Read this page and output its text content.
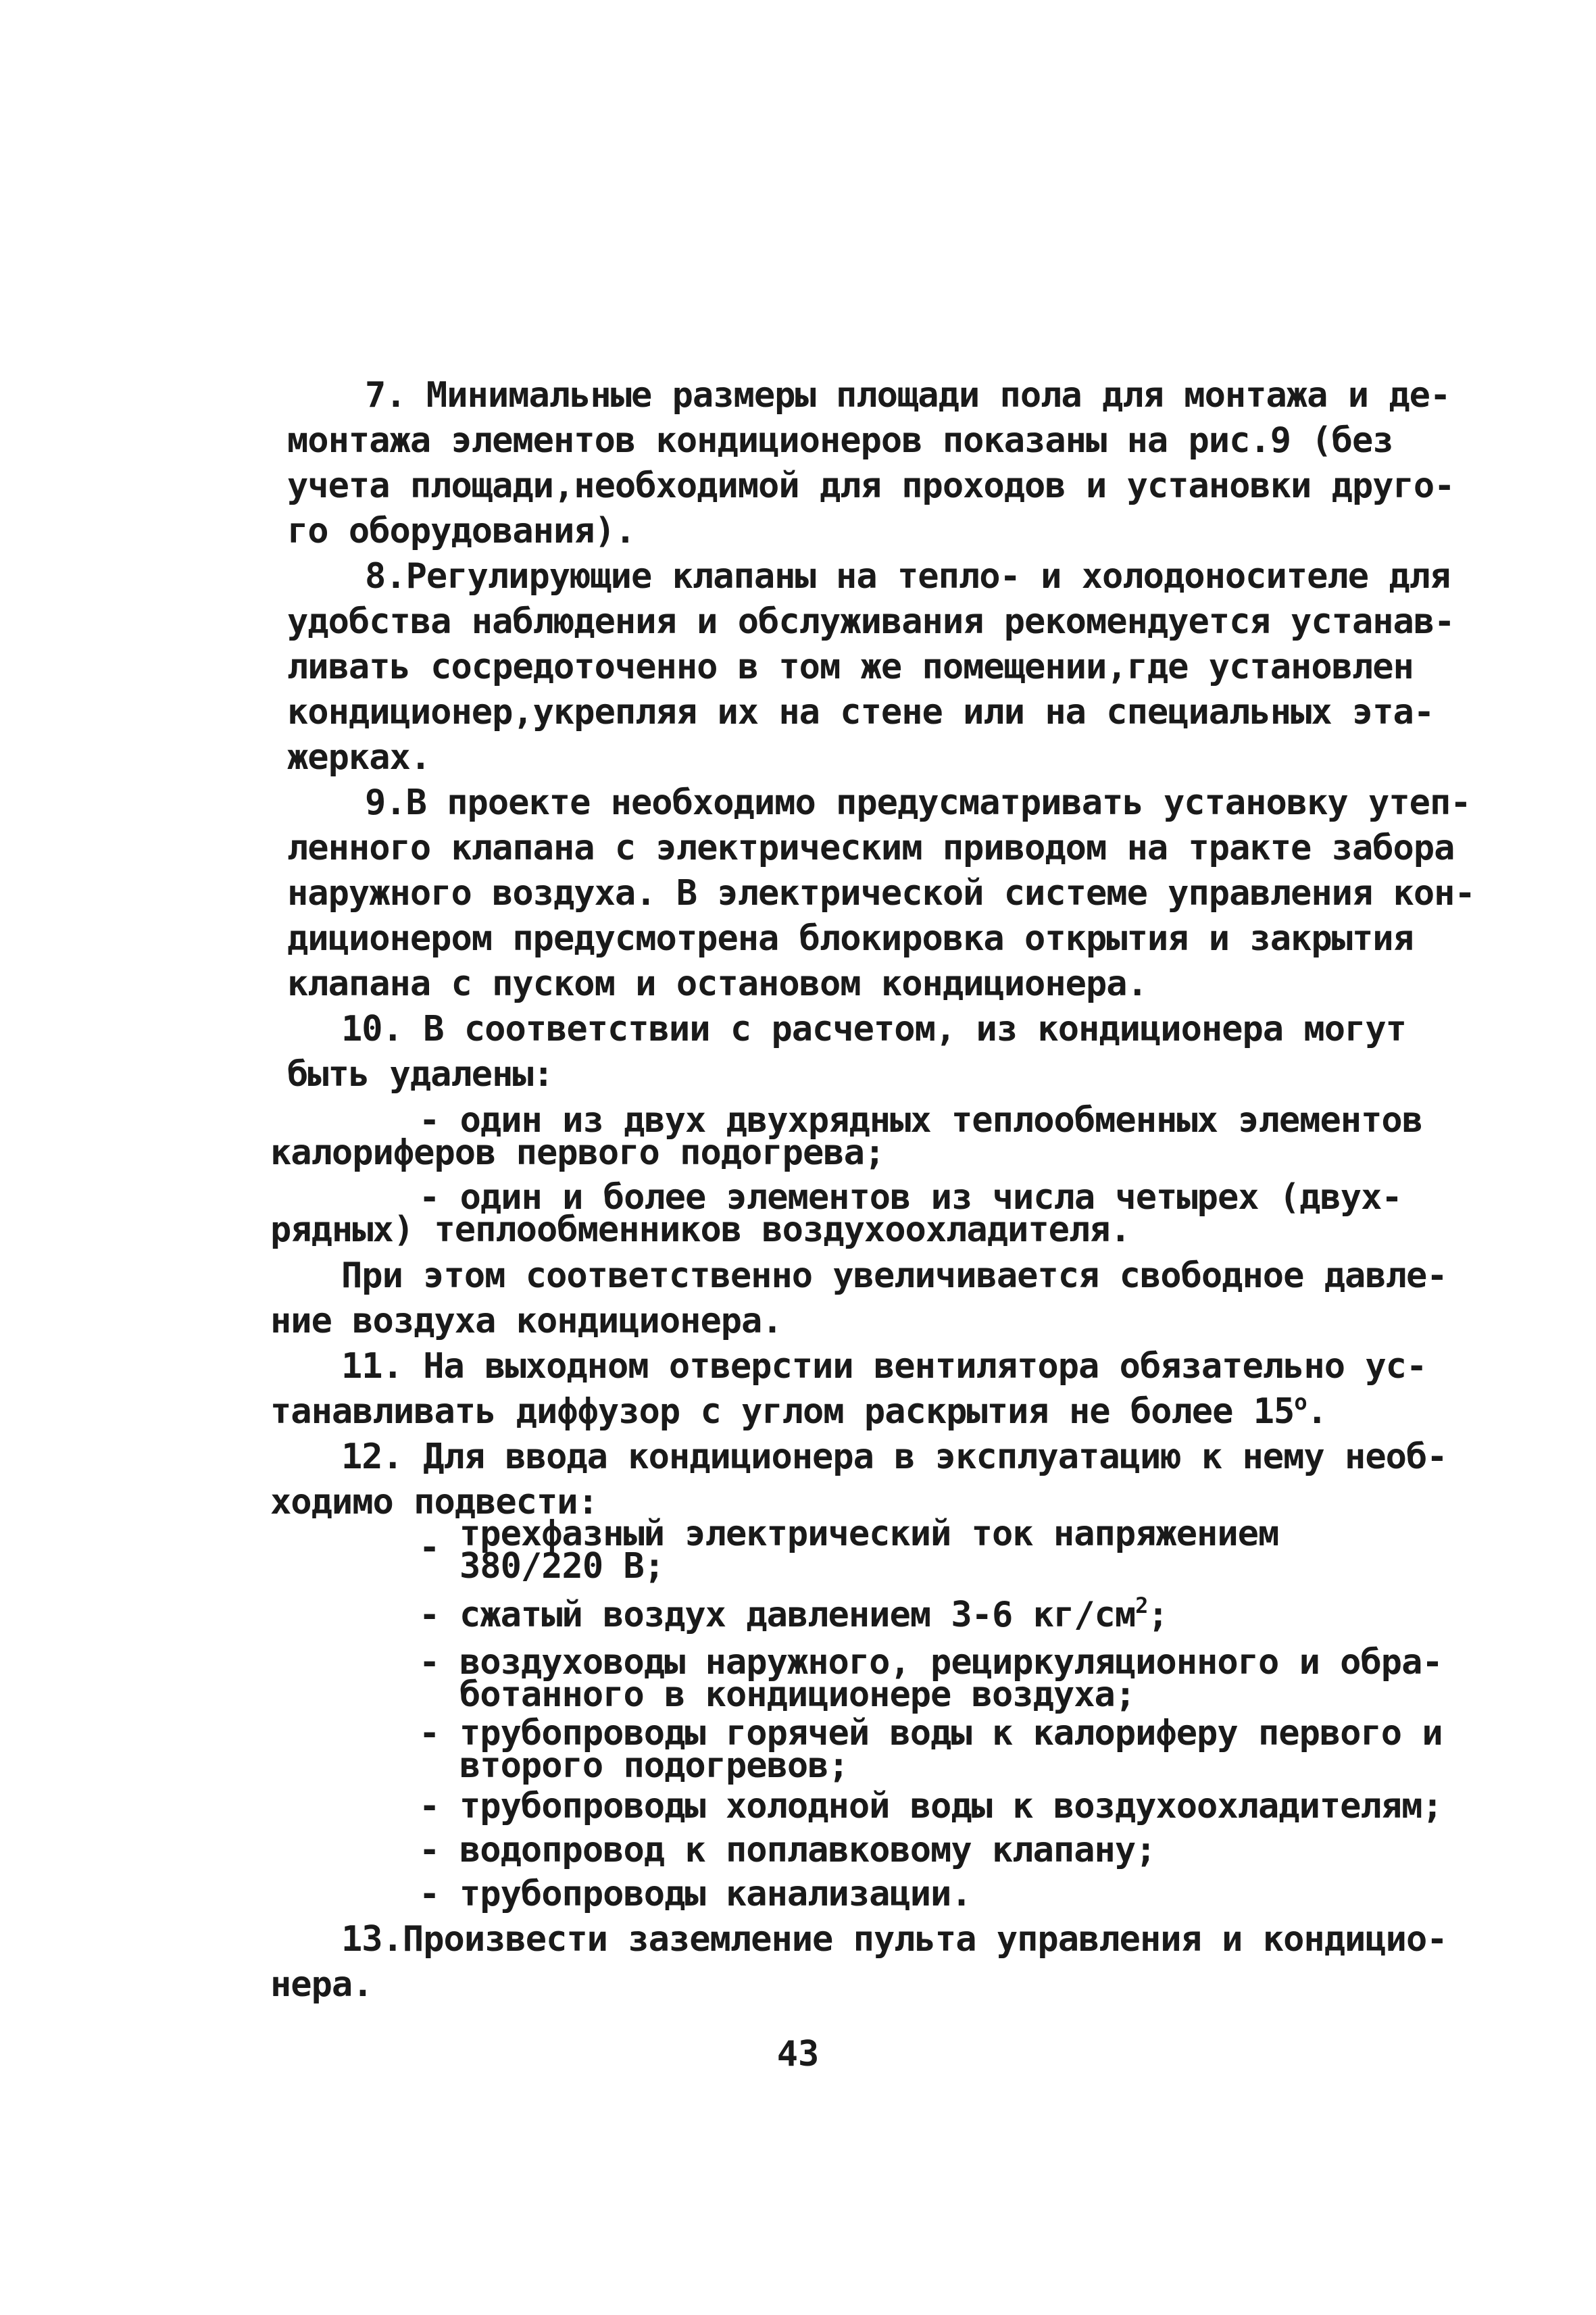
7. Минимальные размеры площади пола для монтажа и де-
монтажа элементов кондиционеров показаны на рис.9 (без
учета площади,необходимой для проходов и установки друго-
го оборудования).
8.Регулирующие клапаны на тепло- и холодоносителе для
удобства наблюдения и обслуживания рекомендуется устанав-
ливать сосредоточенно в том же помещении,где установлен
кондиционер,укрепляя их на стене или на специальных эта-
жерках.
9.В проекте необходимо предусматривать установку утеп-
ленного клапана с электрическим приводом на тракте забора
наружного воздуха. В электрической системе управления кон-
диционером предусмотрена блокировка открытия и закрытия
клапана с пуском и остановом кондиционера.
10. В соответствии с расчетом, из кондиционера могут
быть удалены:
- один из двух двухрядных теплообменных элементов
калориферов первого подогрева;
- один и более элементов из числа четырех (двух-
рядных) теплообменников воздухоохладителя.
При этом соответственно увеличивается свободное давле-
ние воздуха кондиционера.
11. На выходном отверстии вентилятора обязательно ус-
танавливать диффузор с углом раскрытия не более $15^о$.
12. Для ввода кондиционера в эксплуатацию к нему необ-
ходимо подвести:
- трехфазный электрический ток напряжением
380/220 В;
- сжатый воздух давлением 3-6 $кг/см^2$;
- воздуховоды наружного, рециркуляционного и обра-
ботанного в кондиционере воздуха;
- трубопроводы горячей воды к калориферу первого и
второго подогревов;
- трубопроводы холодной воды к воздухоохладителям;
- водопровод к поплавковому клапану;
- трубопроводы канализации.
13.Произвести заземление пульта управления и кондицио-
нера.
43
